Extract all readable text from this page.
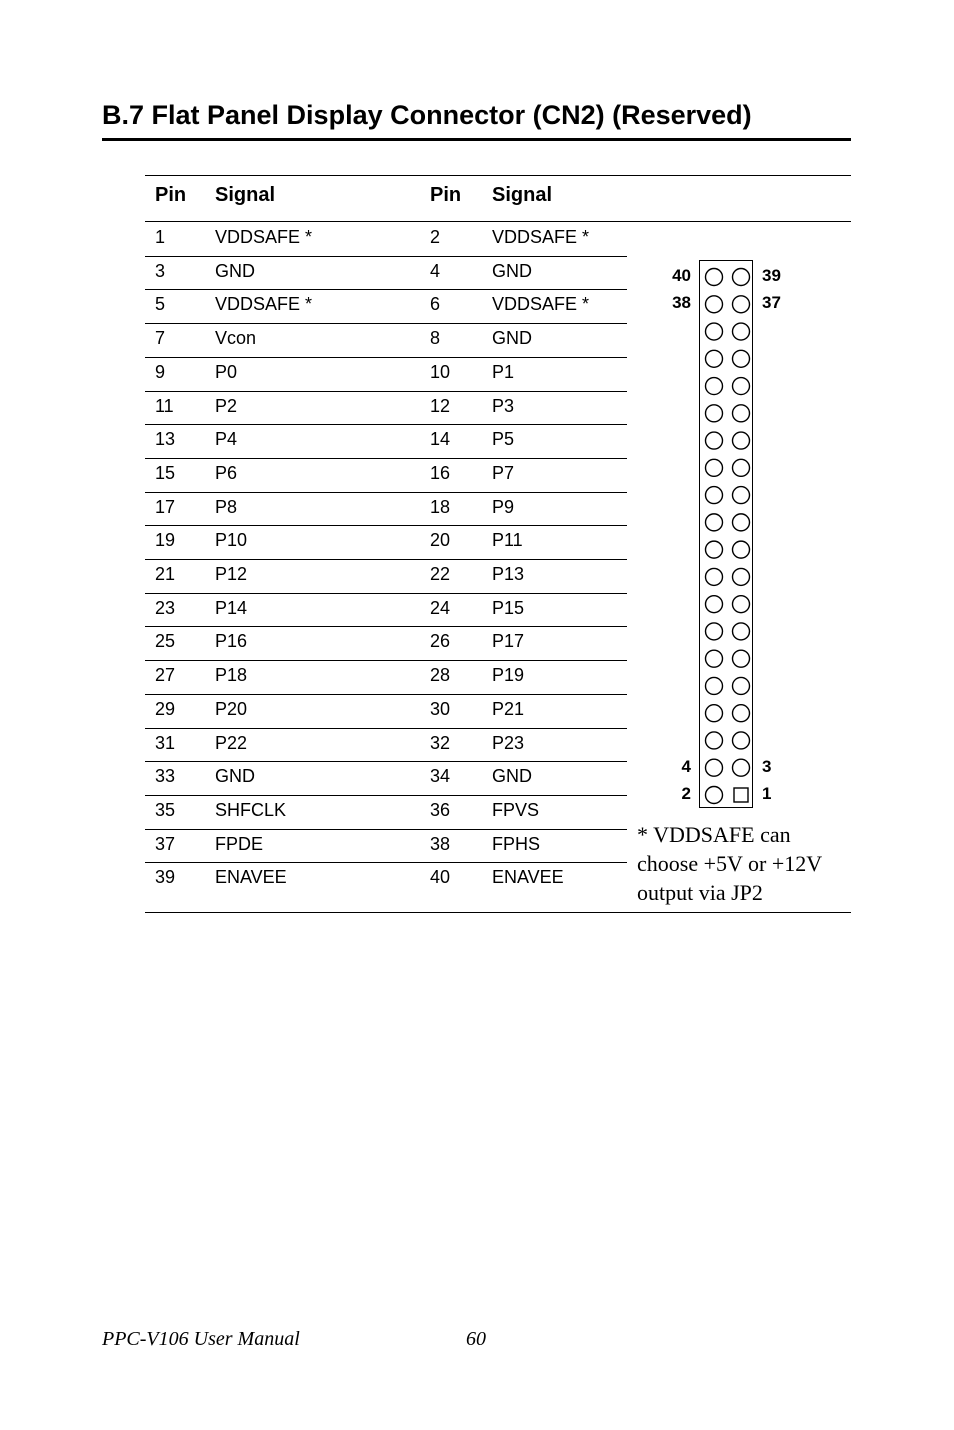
B.7 Flat Panel Display Connector (CN2) (Reserved)
Pin Signal	Pin Signal
1	VDDSAFE *	2	VDDSAFE *
3	GND	4	GND
5	VDDSAFE *	6	VDDSAFE *
7	Vcon	8	GND
9	P0	10 P1
11 P2	12 P3
13 P4	14 P5
15 P6	16 P7
17 P8	18 P9
19 P10	20 P11
21 P12	22 P13
23 P14	24 P15
25 P16	26 P17
27 P18	28 P19
29 P20	30 P21
31 P22	32 P23
33 GND	34 GND
35 SHFCLK	36 FPVS
37 FPDE	38 FPHS
39 ENAVEE	40 ENAVEE
40	39
38	37
4	3
2	1

* VDDSAFE can

choose +5V or +12V

output via JP2

PPC-V106 User Manual	60
